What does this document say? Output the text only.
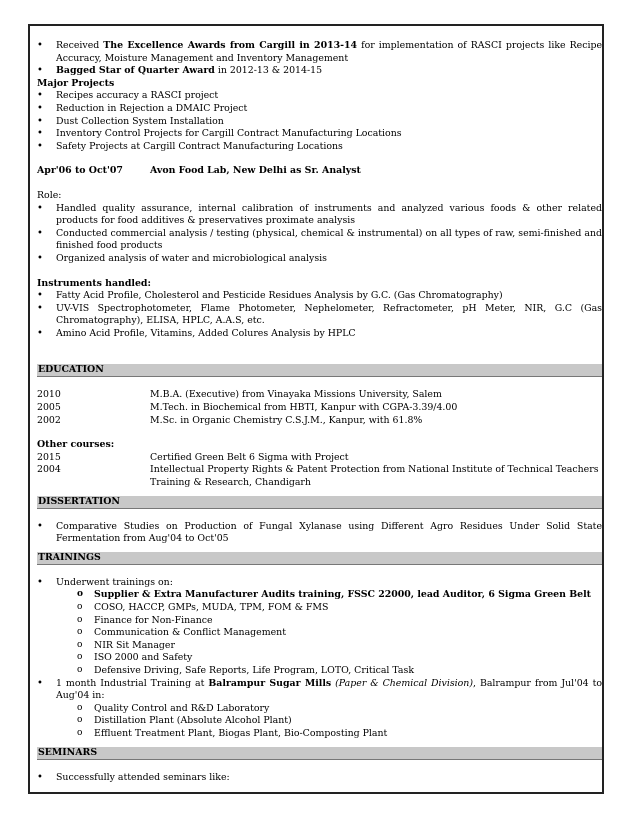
• Received The Excellence Awards from Cargill in 2013-14 for implementation of RASCI projects like Recipe Accuracy, Moisture Management and Inventory Management
• Bagged Star of Quarter Award in 2012-13 & 2014-15
Major Projects
• Recipes accuracy a RASCI project
• Reduction in Rejection a DMAIC Project
• Dust Collection System Installation
• Inventory Control Projects for Cargill Contract Manufacturing Locations
• Safety Projects at Cargill Contract Manufacturing Locations
Apr'06 to Oct'07	Avon Food Lab, New Delhi as Sr. Analyst
Role:
• Handled quality assurance, internal calibration of instruments and analyzed various foods & other related products for food additives & preservatives proximate analysis
• Conducted commercial analysis / testing (physical, chemical & instrumental) on all types of raw, semi-finished and finished food products
• Organized analysis of water and microbiological analysis
Instruments handled:
• Fatty Acid Profile, Cholesterol and Pesticide Residues Analysis by G.C. (Gas Chromatography)
• UV-VIS Spectrophotometer, Flame Photometer, Nephelometer, Refractometer, pH Meter, NIR, G.C (Gas Chromatography), ELISA, HPLC, A.A.S, etc.
• Amino Acid Profile, Vitamins, Added Colures Analysis by HPLC
EDUCATION
2010	M.B.A. (Executive) from Vinayaka Missions University, Salem
2005	M.Tech. in Biochemical from HBTI, Kanpur with CGPA-3.39/4.00
2002	M.Sc. in Organic Chemistry C.S.J.M., Kanpur, with 61.8%
Other courses:
2015	Certified Green Belt 6 Sigma with Project
2004	Intellectual Property Rights & Patent Protection from National Institute of Technical Teachers Training & Research, Chandigarh
DISSERTATION
• Comparative Studies on Production of Fungal Xylanase using Different Agro Residues Under Solid State Fermentation from Aug'04 to Oct'05
TRAININGS
• Underwent trainings on:
o Supplier & Extra Manufacturer Audits training, FSSC 22000, lead Auditor, 6 Sigma Green Belt
o COSO, HACCP, GMPs, MUDA, TPM, FOM & FMS
o Finance for Non-Finance
o Communication & Conflict Management
o NIR Sit Manager
o ISO 2000 and Safety
o Defensive Driving, Safe Reports, Life Program, LOTO, Critical Task
• 1 month Industrial Training at Balrampur Sugar Mills (Paper & Chemical Division), Balrampur from Jul'04 to Aug'04 in:
o Quality Control and R&D Laboratory
o Distillation Plant (Absolute Alcohol Plant)
o Effluent Treatment Plant, Biogas Plant, Bio-Composting Plant
SEMINARS
• Successfully attended seminars like:
